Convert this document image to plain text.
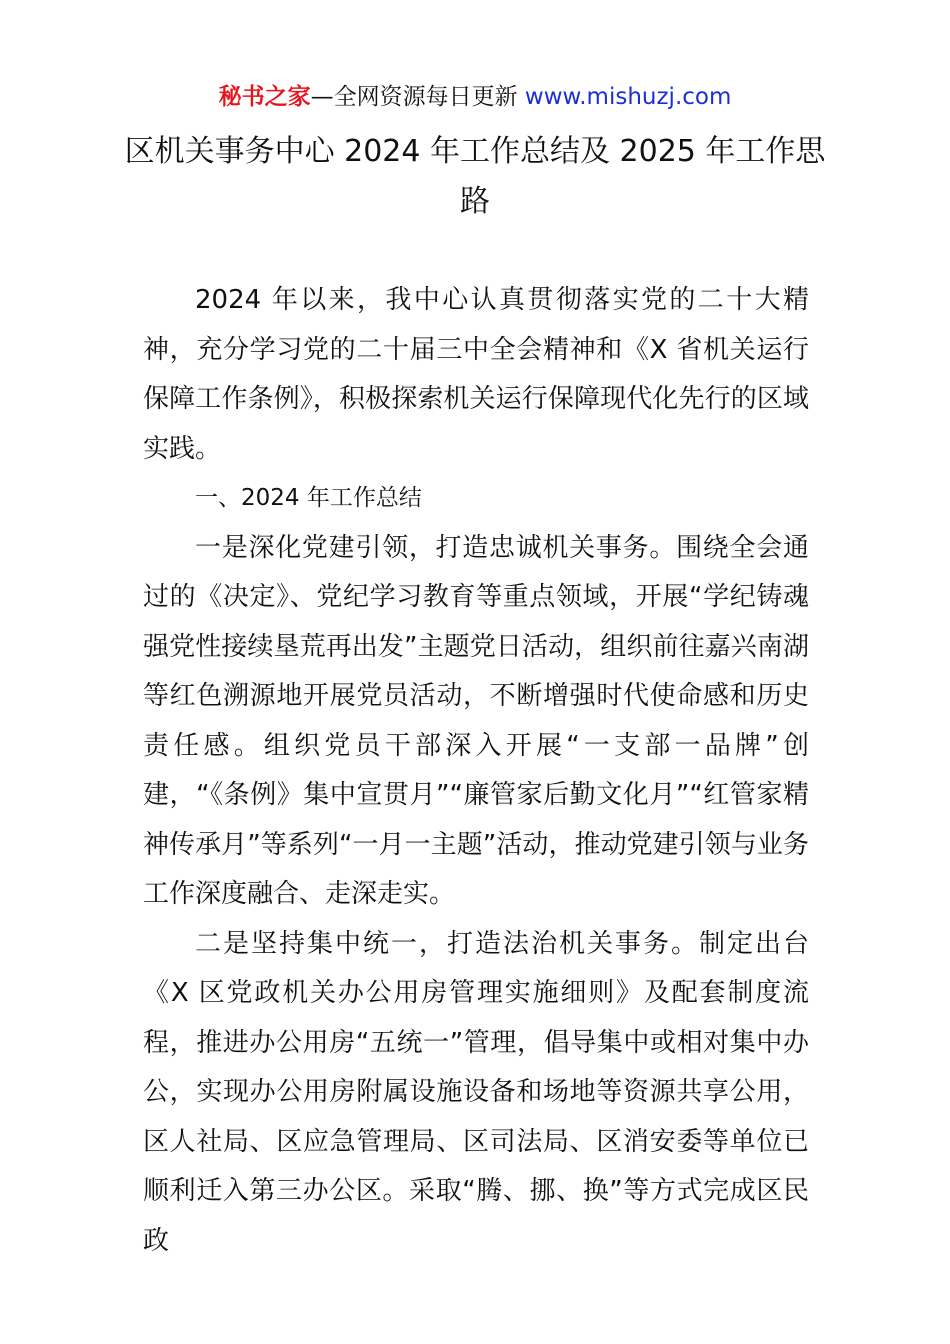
秘书之家—全网资源每日更新 www.mishuzj.com
区机关事务中心 2024 年工作总结及 2025 年工作思路

2024 年以来，我中心认真贯彻落实党的二十大精神，充分学习党的二十届三中全会精神和《X 省机关运行保障工作条例》，积极探索机关运行保障现代化先行的区域实践。

一、2024 年工作总结

一是深化党建引领，打造忠诚机关事务。围绕全会通过的《决定》、党纪学习教育等重点领域，开展“学纪铸魂强党性接续垦荒再出发”主题党日活动，组织前往嘉兴南湖等红色溯源地开展党员活动，不断增强时代使命感和历史责任感。组织党员干部深入开展“一支部一品牌”创建，“《条例》集中宣贯月”“廉管家后勤文化月”“红管家精神传承月”等系列“一月一主题”活动，推动党建引领与业务工作深度融合、走深走实。

二是坚持集中统一，打造法治机关事务。制定出台《X 区党政机关办公用房管理实施细则》及配套制度流程，推进办公用房“五统一”管理，倡导集中或相对集中办公，实现办公用房附属设施设备和场地等资源共享公用，区人社局、区应急管理局、区司法局、区消安委等单位已顺利迁入第三办公区。采取“腾、挪、换”等方式完成区民政
